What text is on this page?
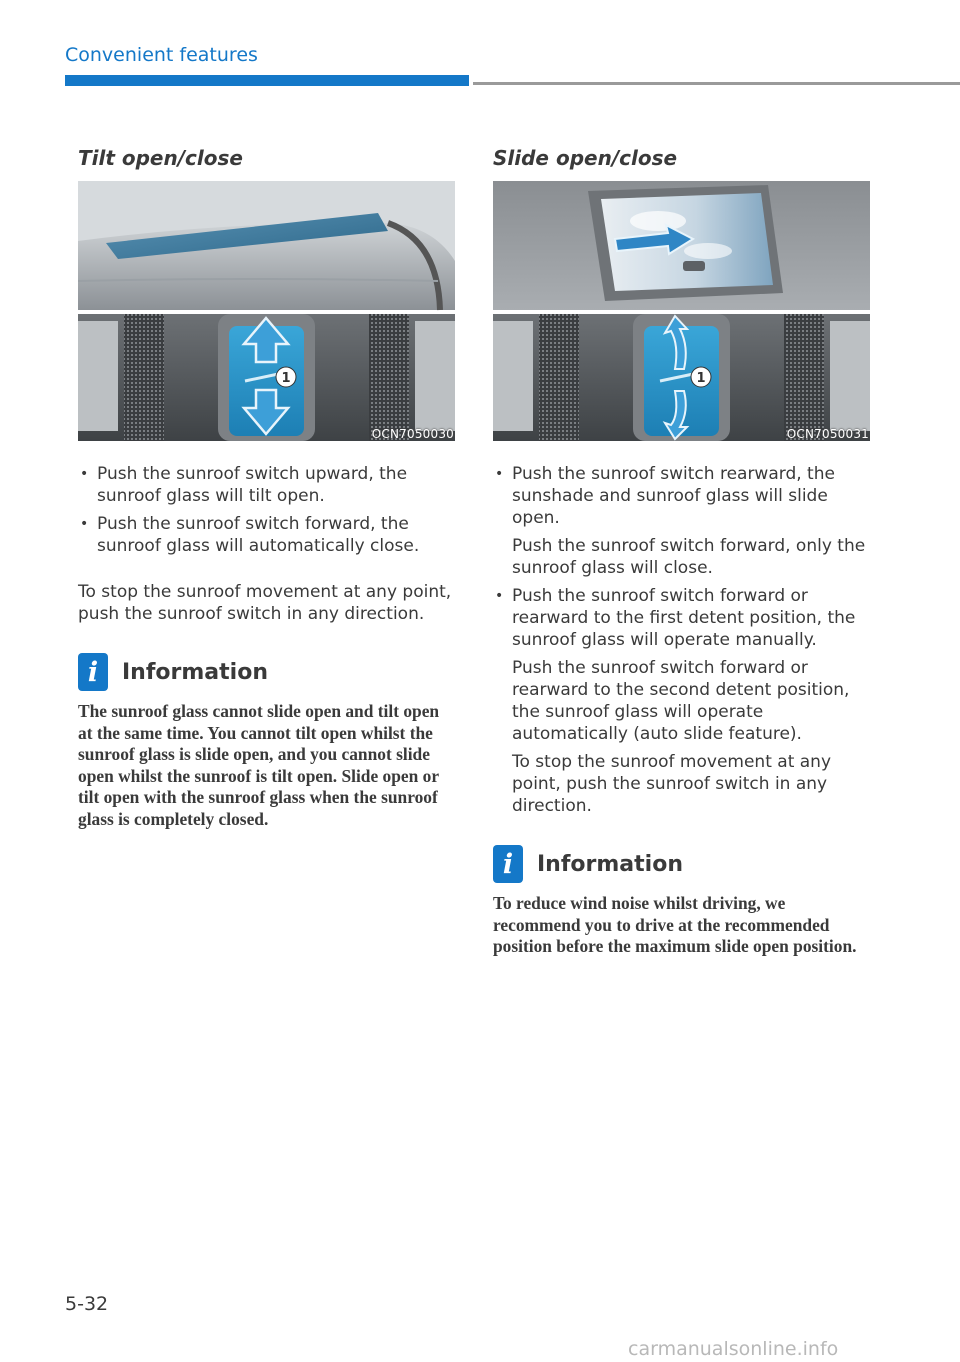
Convenient features
Tilt open/close
1
OCN7050030
• Push the sunroof switch upward, the sunroof glass will tilt open.

• Push the sunroof switch forward, the sunroof glass will automatically close.

To stop the sunroof movement at any point, push the sunroof switch in any direction.

i	Information

The sunroof glass cannot slide open and tilt open at the same time. You cannot tilt open whilst the sunroof glass is slide open, and you cannot slide open whilst the sunroof is tilt open. Slide open or tilt open with the sunroof glass when the sunroof glass is completely closed.

Slide open/close
1
OCN7050031
• Push the sunroof switch rearward, the sunshade and sunroof glass will slide open.

Push the sunroof switch forward, only the sunroof glass will close.

• Push the sunroof switch forward or rearward to the first detent position, the sunroof glass will operate manually.

Push the sunroof switch forward or rearward to the second detent position, the sunroof glass will operate automatically (auto slide feature).

To stop the sunroof movement at any point, push the sunroof switch in any direction.

i	Information

To reduce wind noise whilst driving, we recommend you to drive at the recommended position before the maximum slide open position.

5-32
carmanualsonline.info
